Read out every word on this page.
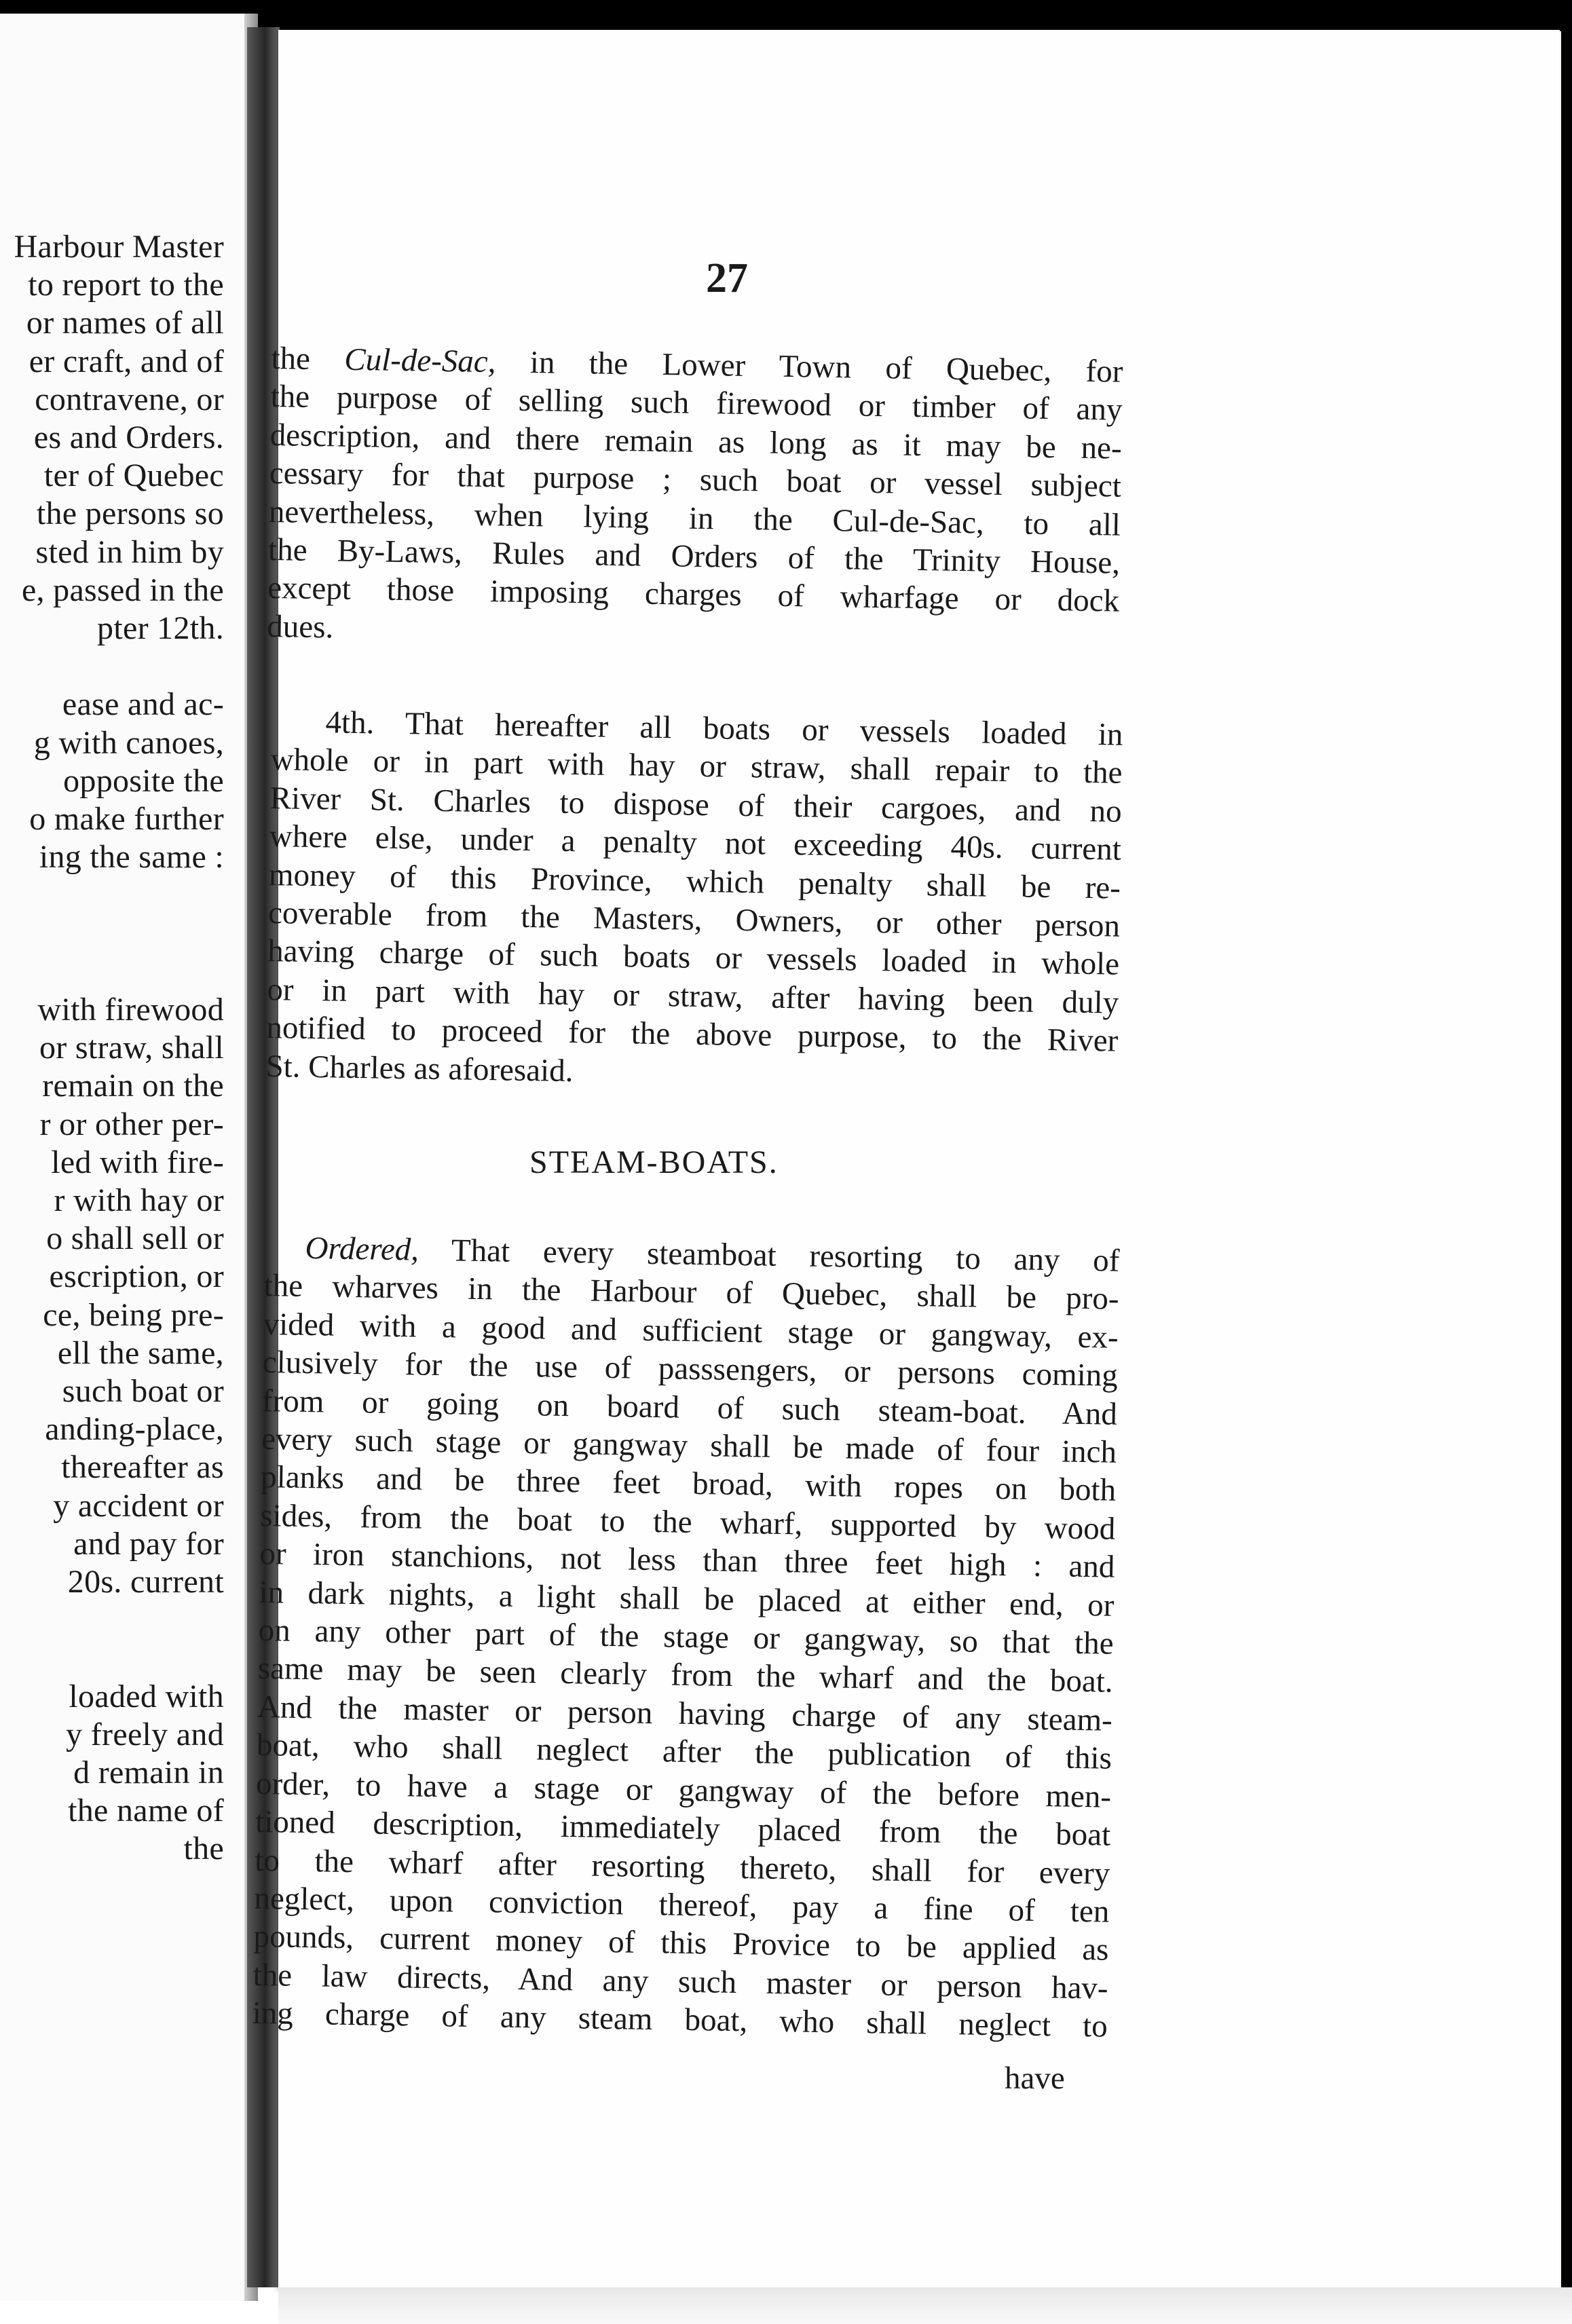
Harbour Master
to report to the
or names of all
er craft, and of
contravene, or
es and Orders.
ter of Quebec
the persons so
sted in him by
e, passed in the
pter 12th.
ease and ac-
g with canoes,
opposite the
o make further
ing the same :
with firewood
or straw, shall
remain on the
r or other per-
led with fire-
r with hay or
o shall sell or
escription, or
ce, being pre-
ell the same,
such boat or
anding-place,
thereafter as
y accident or
and pay for
20s. current
loaded with
y freely and
d remain in
the name of
the
27
the Cul-de-Sac, in the Lower Town of Quebec, for
the purpose of selling such firewood or timber of any
description, and there remain as long as it may be ne-
cessary for that purpose ; such boat or vessel subject
nevertheless, when lying in the Cul-de-Sac, to all
the By-Laws, Rules and Orders of the Trinity House,
except those imposing charges of wharfage or dock
dues.
4th. That hereafter all boats or vessels loaded in
whole or in part with hay or straw, shall repair to the
River St. Charles to dispose of their cargoes, and no
where else, under a penalty not exceeding 40s. current
money of this Province, which penalty shall be re-
coverable from the Masters, Owners, or other person
having charge of such boats or vessels loaded in whole
or in part with hay or straw, after having been duly
notified to proceed for the above purpose, to the River
St. Charles as aforesaid.
STEAM-BOATS.
Ordered, That every steamboat resorting to any of
the wharves in the Harbour of Quebec, shall be pro-
vided with a good and sufficient stage or gangway, ex-
clusively for the use of passsengers, or persons coming
from or going on board of such steam-boat. And
every such stage or gangway shall be made of four inch
planks and be three feet broad, with ropes on both
sides, from the boat to the wharf, supported by wood
or iron stanchions, not less than three feet high : and
in dark nights, a light shall be placed at either end, or
on any other part of the stage or gangway, so that the
same may be seen clearly from the wharf and the boat.
And the master or person having charge of any steam-
boat, who shall neglect after the publication of this
order, to have a stage or gangway of the before men-
tioned description, immediately placed from the boat
to the wharf after resorting thereto, shall for every
neglect, upon conviction thereof, pay a fine of ten
pounds, current money of this Provice to be applied as
the law directs, And any such master or person hav-
ing charge of any steam boat, who shall neglect to
have
